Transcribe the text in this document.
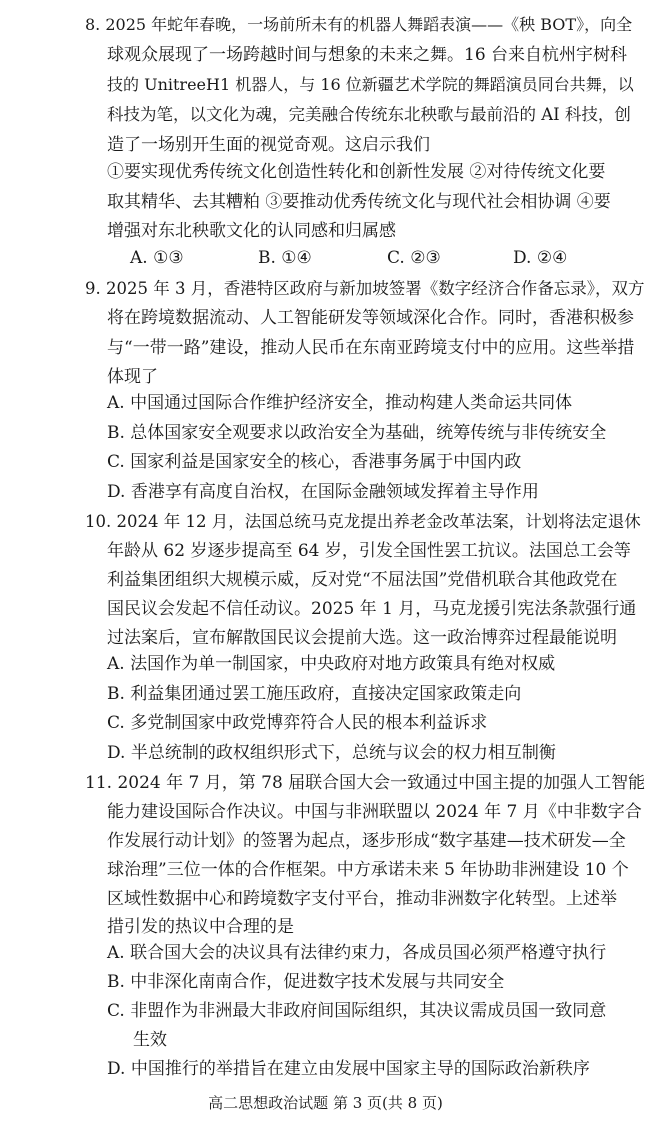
8. 2025 年蛇年春晚，一场前所未有的机器人舞蹈表演——《秧 BOT》，向全
球观众展现了一场跨越时间与想象的未来之舞。16 台来自杭州宇树科
技的 UnitreeH1 机器人，与 16 位新疆艺术学院的舞蹈演员同台共舞，以
科技为笔，以文化为魂，完美融合传统东北秧歌与最前沿的 AI 科技，创
造了一场别开生面的视觉奇观。这启示我们
①要实现优秀传统文化创造性转化和创新性发展 ②对待传统文化要
取其精华、去其糟粕 ③要推动优秀传统文化与现代社会相协调 ④要
增强对东北秧歌文化的认同感和归属感
A. ①③	B. ①④	C. ②③	D. ②④
9. 2025 年 3 月，香港特区政府与新加坡签署《数字经济合作备忘录》，双方
将在跨境数据流动、人工智能研发等领域深化合作。同时，香港积极参
与“一带一路”建设，推动人民币在东南亚跨境支付中的应用。这些举措
体现了
A. 中国通过国际合作维护经济安全，推动构建人类命运共同体
B. 总体国家安全观要求以政治安全为基础，统筹传统与非传统安全
C. 国家利益是国家安全的核心，香港事务属于中国内政
D. 香港享有高度自治权，在国际金融领域发挥着主导作用
10. 2024 年 12 月，法国总统马克龙提出养老金改革法案，计划将法定退休
年龄从 62 岁逐步提高至 64 岁，引发全国性罢工抗议。法国总工会等
利益集团组织大规模示威，反对党“不屈法国”党借机联合其他政党在
国民议会发起不信任动议。2025 年 1 月，马克龙援引宪法条款强行通
过法案后，宣布解散国民议会提前大选。这一政治博弈过程最能说明
A. 法国作为单一制国家，中央政府对地方政策具有绝对权威
B. 利益集团通过罢工施压政府，直接决定国家政策走向
C. 多党制国家中政党博弈符合人民的根本利益诉求
D. 半总统制的政权组织形式下，总统与议会的权力相互制衡
11. 2024 年 7 月，第 78 届联合国大会一致通过中国主提的加强人工智能
能力建设国际合作决议。中国与非洲联盟以 2024 年 7 月《中非数字合
作发展行动计划》的签署为起点，逐步形成“数字基建—技术研发—全
球治理”三位一体的合作框架。中方承诺未来 5 年协助非洲建设 10 个
区域性数据中心和跨境数字支付平台，推动非洲数字化转型。上述举
措引发的热议中合理的是
A. 联合国大会的决议具有法律约束力，各成员国必须严格遵守执行
B. 中非深化南南合作，促进数字技术发展与共同安全
C. 非盟作为非洲最大非政府间国际组织，其决议需成员国一致同意
生效
D. 中国推行的举措旨在建立由发展中国家主导的国际政治新秩序
高二思想政治试题 第 3 页(共 8 页)
